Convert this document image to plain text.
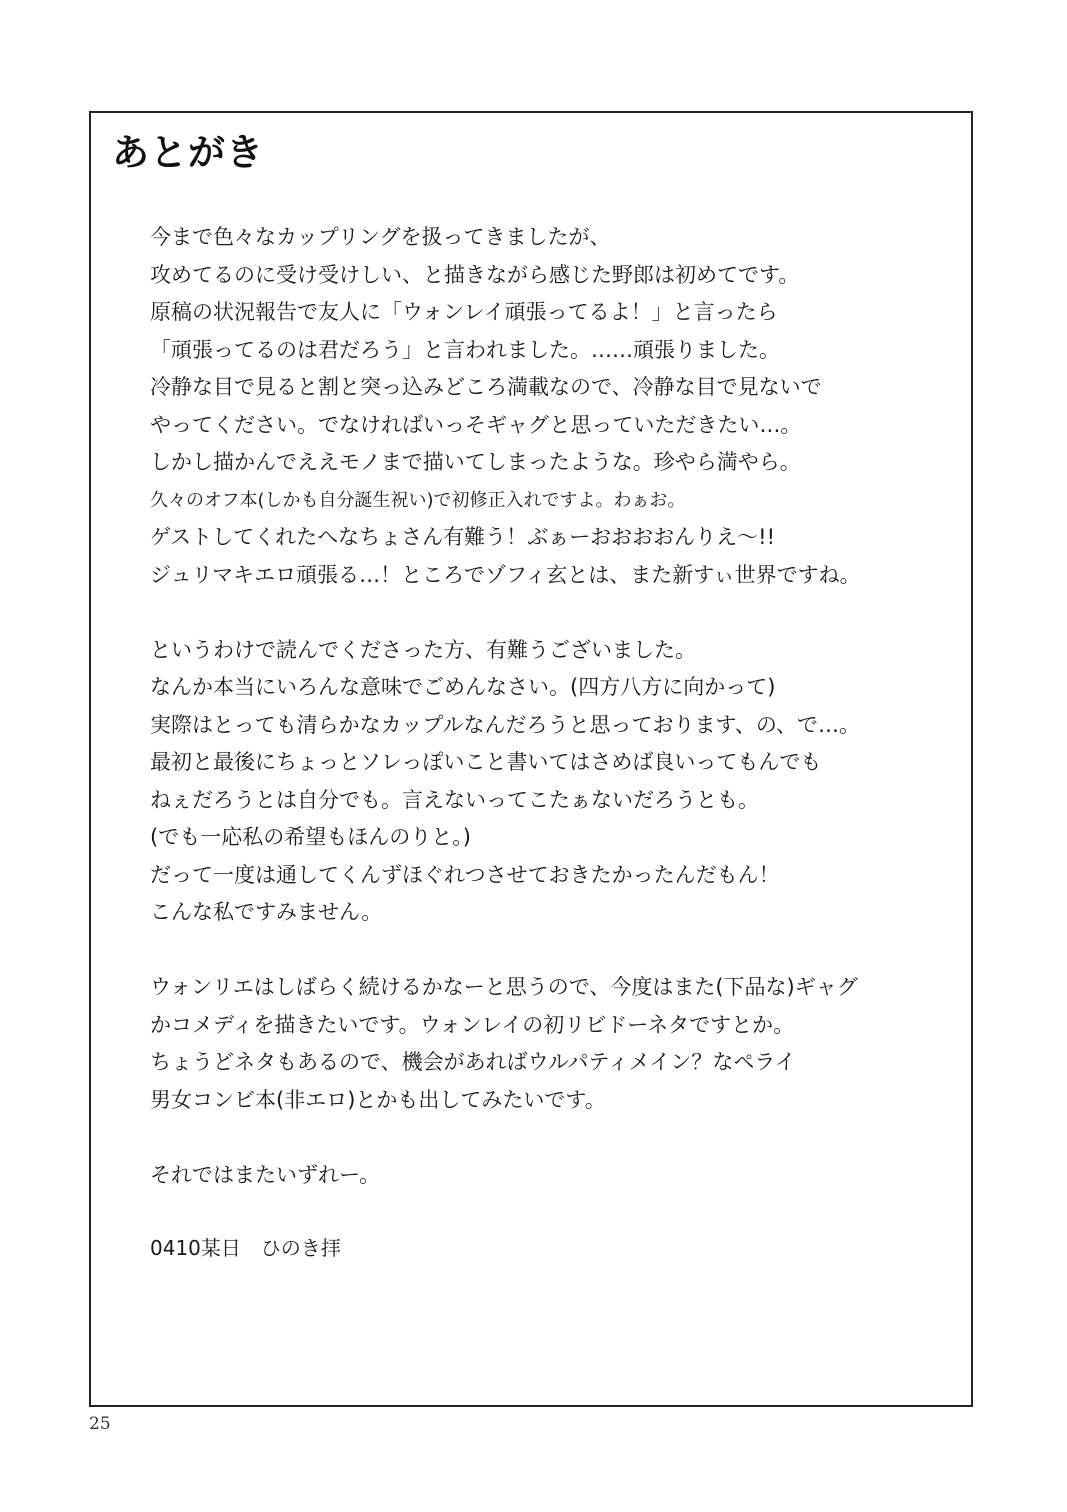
あとがき
今まで色々なカップリングを扱ってきましたが、
攻めてるのに受け受けしい、と描きながら感じた野郎は初めてです。
原稿の状況報告で友人に「ウォンレイ頑張ってるよ！」と言ったら
「頑張ってるのは君だろう」と言われました。……頑張りました。
冷静な目で見ると割と突っ込みどころ満載なので、冷静な目で見ないで
やってください。でなければいっそギャグと思っていただきたい…。
しかし描かんでええモノまで描いてしまったような。珍やら満やら。
久々のオフ本(しかも自分誕生祝い)で初修正入れですよ。わぁお。
ゲストしてくれたへなちょさん有難う！ぶぁーおおおおんりえ～!!
ジュリマキエロ頑張る…！ところでゾフィ玄とは、また新すぃ世界ですね。
というわけで読んでくださった方、有難うございました。
なんか本当にいろんな意味でごめんなさい。(四方八方に向かって)
実際はとっても清らかなカップルなんだろうと思っております、の、で…。
最初と最後にちょっとソレっぽいこと書いてはさめば良いってもんでも
ねぇだろうとは自分でも。言えないってこたぁないだろうとも。
(でも一応私の希望もほんのりと。)
だって一度は通してくんずほぐれつさせておきたかったんだもん！
こんな私ですみません。
ウォンリエはしばらく続けるかなーと思うので、今度はまた(下品な)ギャグ
かコメディを描きたいです。ウォンレイの初リビドーネタですとか。
ちょうどネタもあるので、機会があればウルパティメイン？なペライ
男女コンビ本(非エロ)とかも出してみたいです。
それではまたいずれー。

0410某日　ひのき拝

25
